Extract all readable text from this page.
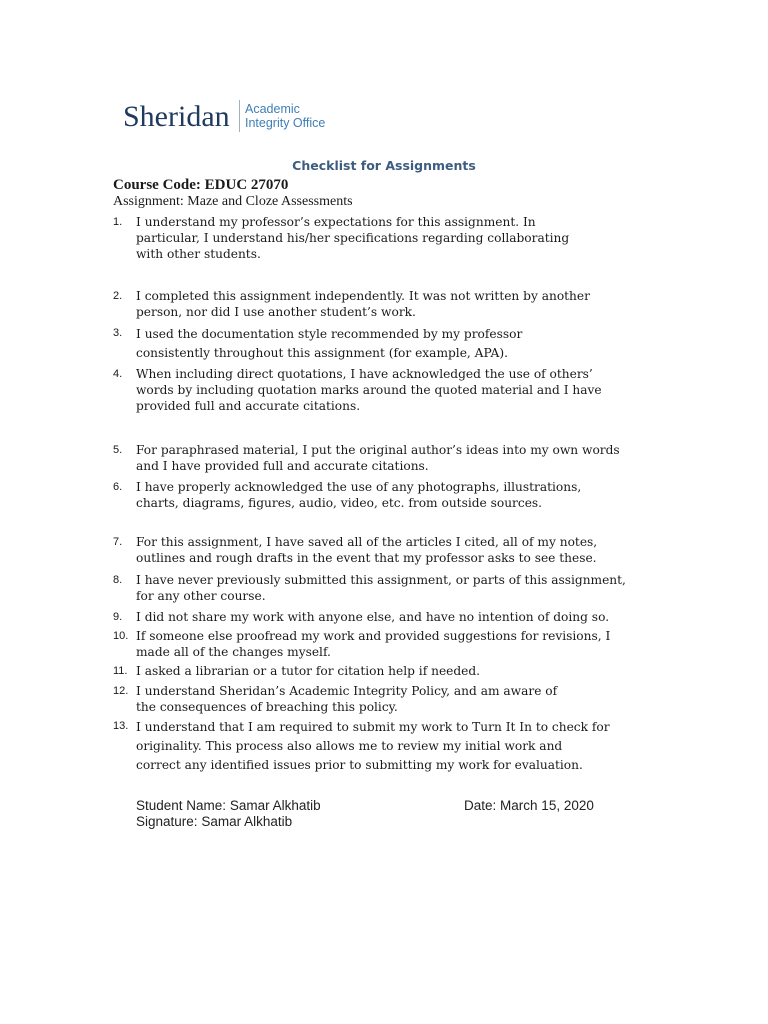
Sheridan Academic
Integrity Office
Checklist for Assignments
Course Code: EDUC 27070
Assignment: Maze and Cloze Assessments
1.	I understand my professor’s expectations for this assignment. In
particular, I understand his/her specifications regarding collaborating
with other students.
2.	I completed this assignment independently. It was not written by another
person, nor did I use another student’s work.
3.	I used the documentation style recommended by my professor
consistently throughout this assignment (for example, APA).
4.	When including direct quotations, I have acknowledged the use of others’
words by including quotation marks around the quoted material and I have
provided full and accurate citations.
5.	For paraphrased material, I put the original author’s ideas into my own words
and I have provided full and accurate citations.
6.	I have properly acknowledged the use of any photographs, illustrations,
charts, diagrams, figures, audio, video, etc. from outside sources.
7.	For this assignment, I have saved all of the articles I cited, all of my notes,
outlines and rough drafts in the event that my professor asks to see these.
8.	I have never previously submitted this assignment, or parts of this assignment,
for any other course.
9.	I did not share my work with anyone else, and have no intention of doing so.
10. If someone else proofread my work and provided suggestions for revisions, I
made all of the changes myself.
11. I asked a librarian or a tutor for citation help if needed.
12. I understand Sheridan’s Academic Integrity Policy, and am aware of
the consequences of breaching this policy.
13. I understand that I am required to submit my work to Turn It In to check for
originality. This process also allows me to review my initial work and
correct any identified issues prior to submitting my work for evaluation.
Student Name: Samar Alkhatib	Date: March 15, 2020
Signature: Samar Alkhatib
